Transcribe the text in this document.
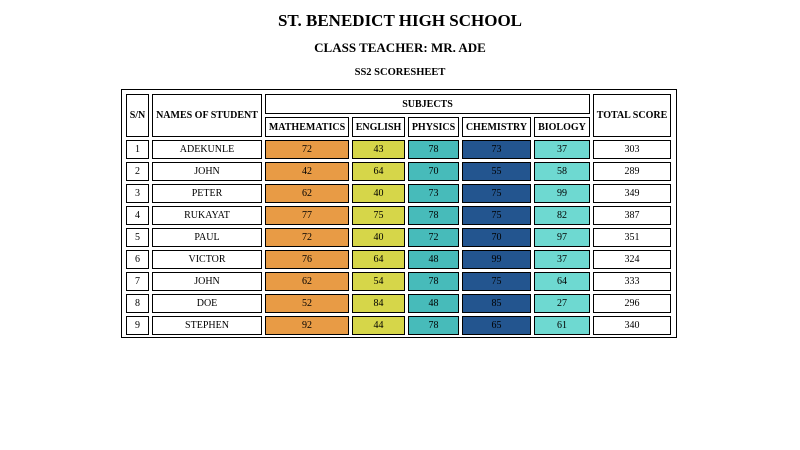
ST. BENEDICT HIGH SCHOOL
CLASS TEACHER: MR. ADE
SS2 SCORESHEET
S/N		NAMES OF STUDENT		SUBJECTS										TOTAL SCORE

				MATHEMATICS		ENGLISH		PHYSICS		CHEMISTRY		BIOLOGY		

1		ADEKUNLE		72		43		78		73		37		303

2		JOHN		42		64		70		55		58		289

3		PETER		62		40		73		75		99		349

4		RUKAYAT		77		75		78		75		82		387

5		PAUL		72		40		72		70		97		351

6		VICTOR		76		64		48		99		37		324

7		JOHN		62		54		78		75		64		333

8		DOE		52		84		48		85		27		296

9		STEPHEN		92		44		78		65		61		340
